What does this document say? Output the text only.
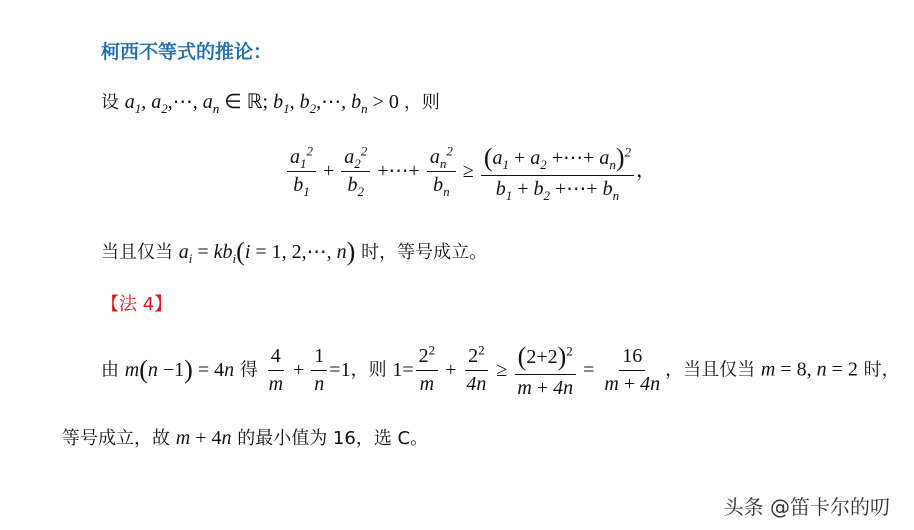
柯西不等式的推论：
设 $a_1$, $a_2,\cdots$, $a_n$ ∈ ℝ; $b_1$, $b_2,\cdots$, $b_n > 0$ ，则
$\frac{a_1^2}{b_1} + \frac{a_2^2}{b_2}$ +⋯+ $\frac{a_n^2}{b_n} \ge \frac{(a_1 + a_2 +\cdots+ a_n)^2}{b_1 + b_2 +\cdots+ b_n}$ ，
当且仅当 $a_i = kb_i(i = 1$, 2,⋯, n) 时，等号成立。
【法 4】
由 m(n −1) = 4n 得 $\frac{4}{m} + \frac{1}{n} =1$，则 $1= \frac{2^2}{m} + \frac{2^2}{4n} \ge \frac{(2+2)^2}{m + 4n} = \frac{16}{m + 4n}$ ，当且仅当 m = 8, n = 2 时，
等号成立，故 m + 4n 的最小值为 16，选 C。
头条 @笛卡尔的叨
